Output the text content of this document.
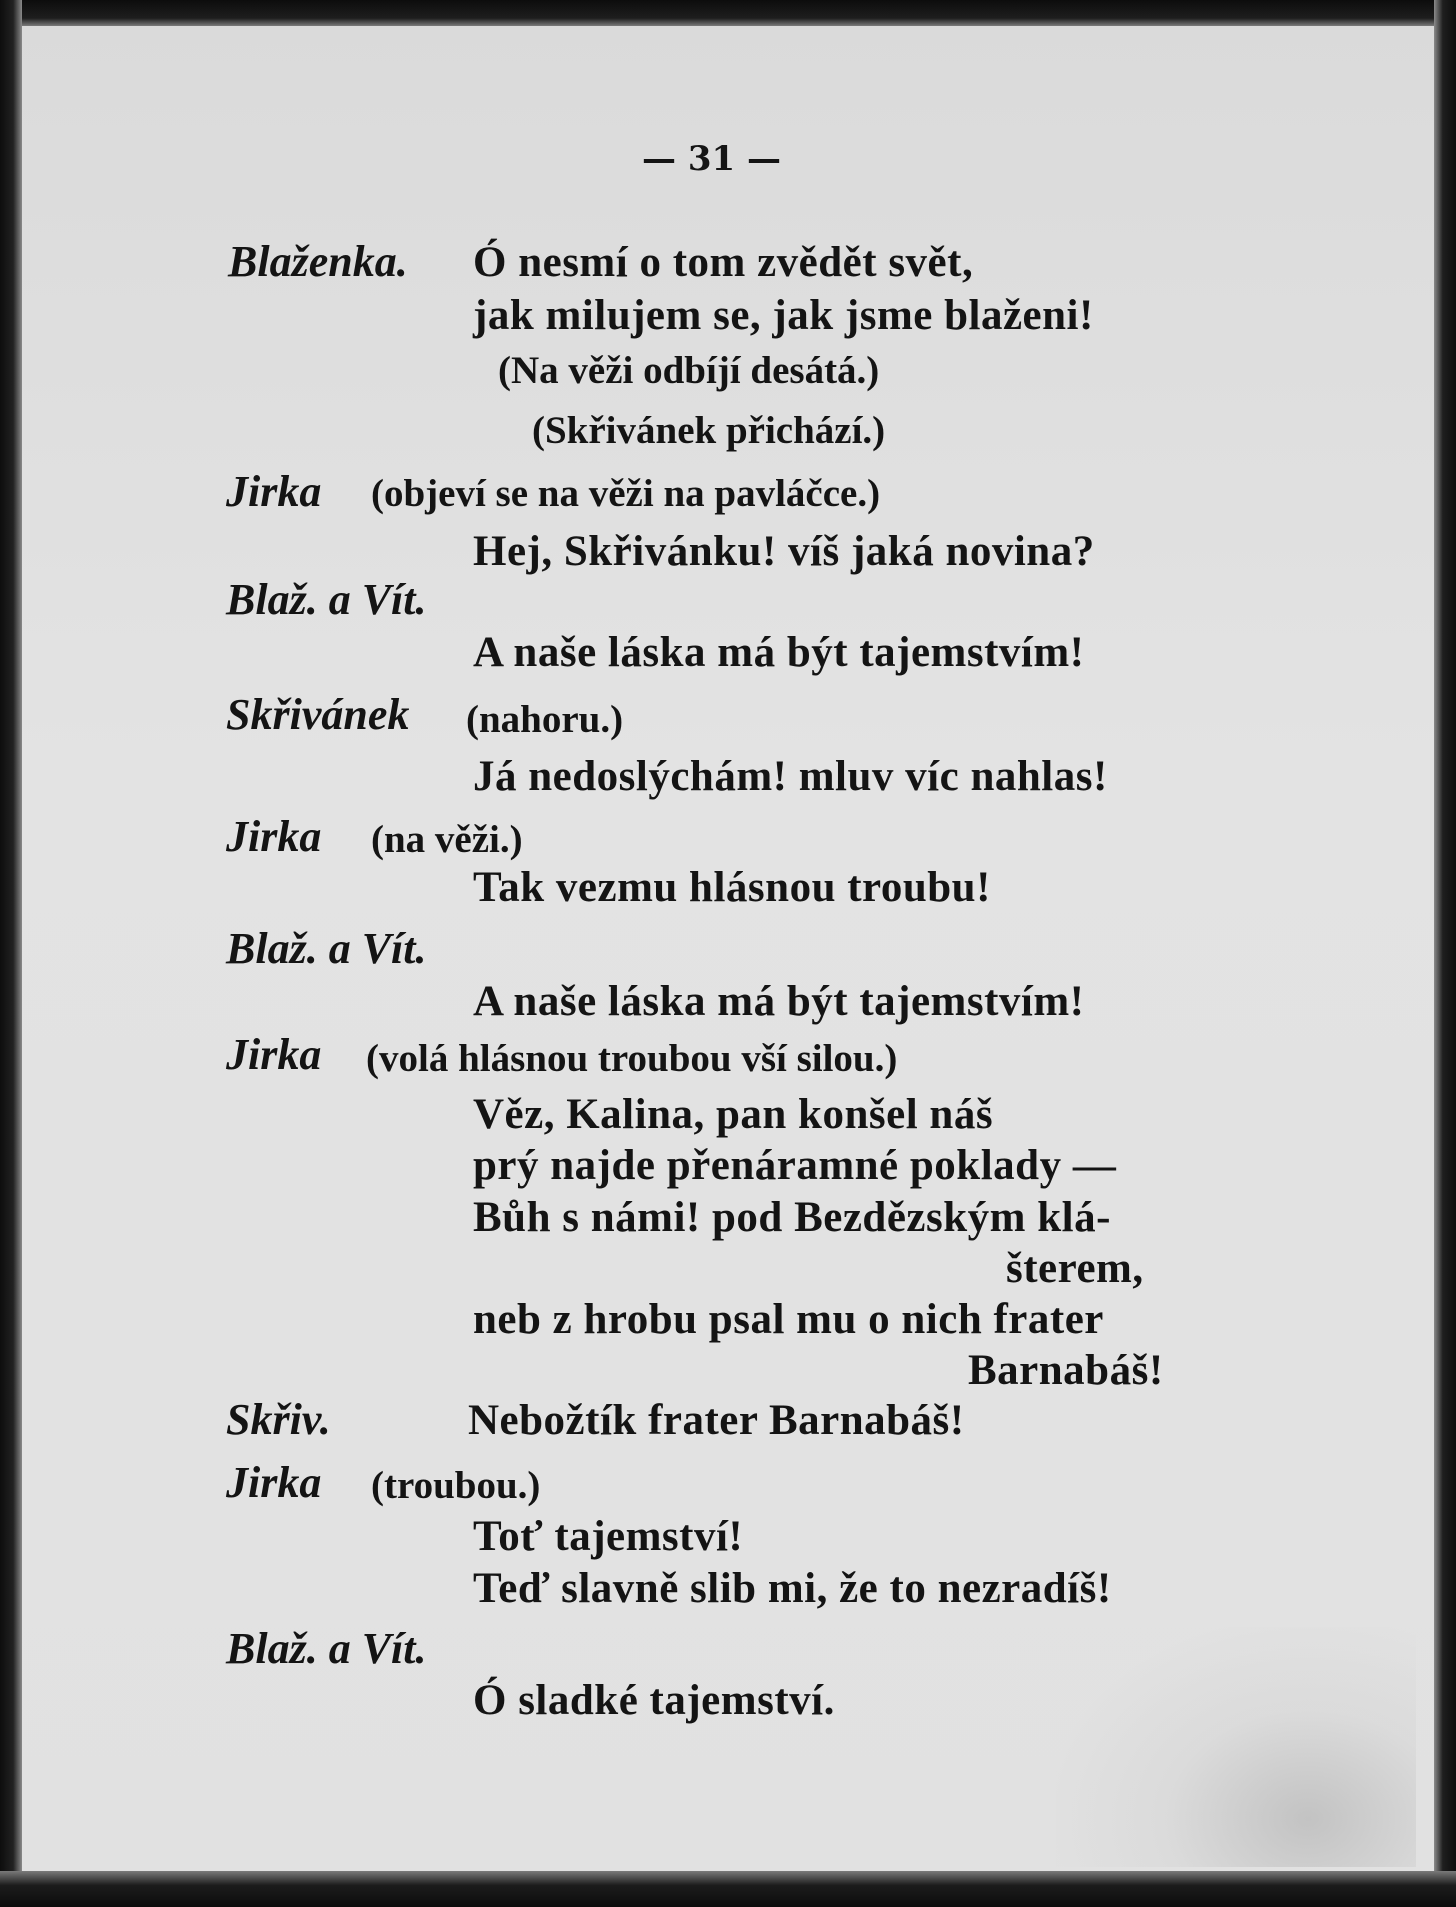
— 31 —
Blaženka. Ó nesmí o tom zvědět svět,
jak milujem se, jak jsme blaženi!
(Na věži odbíjí desátá.)
(Skřivánek přichází.)
Jirka (objeví se na věži na pavláčce.)
Hej, Skřivánku! víš jaká novina?
Blaž. a Vít.
A naše láska má být tajemstvím!
Skřivánek (nahoru.)
Já nedoslýchám! mluv víc nahlas!
Jirka (na věži.)
Tak vezmu hlásnou troubu!
Blaž. a Vít.
A naše láska má být tajemstvím!
Jirka (volá hlásnou troubou vší silou.)
Věz, Kalina, pan konšel náš
prý najde přenáramné poklady —
Bůh s námi! pod Bezdězským klá-
šterem,
neb z hrobu psal mu o nich frater
Barnabáš!
Skřiv.	Nebožtík frater Barnabáš!
Jirka (troubou.)
Toť tajemství!
Teď slavně slib mi, že to nezradíš!
Blaž. a Vít.
Ó sladké tajemství.
